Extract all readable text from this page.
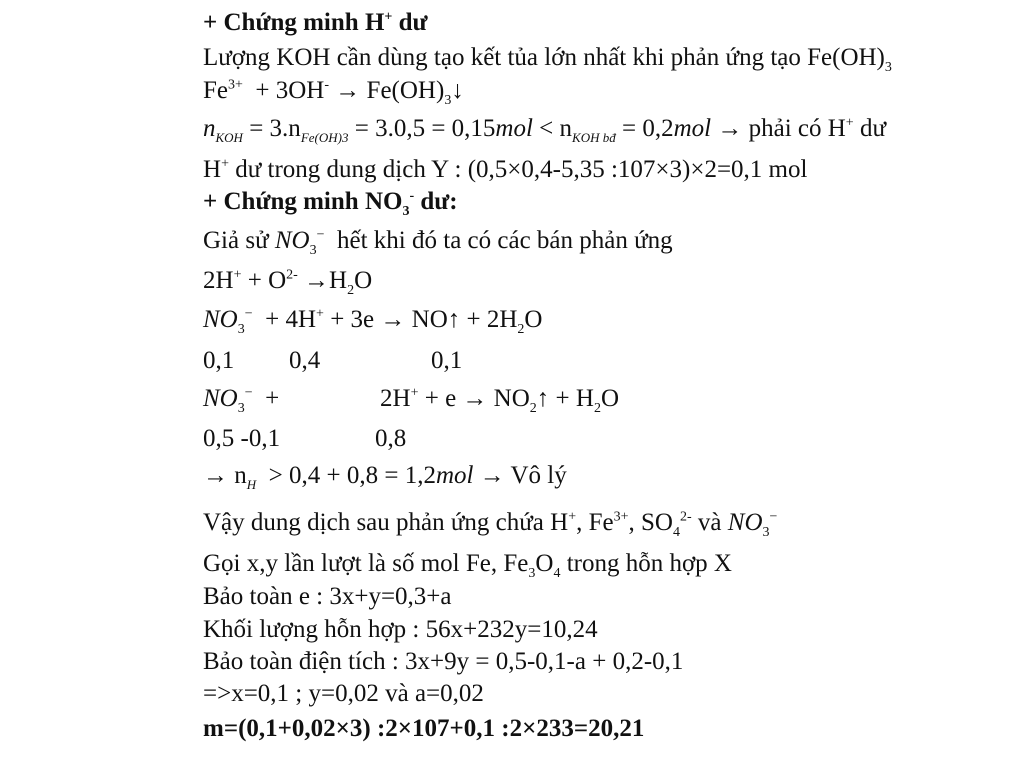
+ Chứng minh H+ dư
Lượng KOH cần dùng tạo kết tủa lớn nhất khi phản ứng tạo $Fe(OH)_3$
$Fe^{3+} + 3OH^-$ → $Fe(OH)_3↓$
$n_{KOH} = 3.n_{Fe(OH)3} = 3.0,5 = 0,15mol < n_{KOH bđ} = 0,2mol$ → phải có H+ dư
H+ dư trong dung dịch Y : (0,5×0,4-5,35 :107×3)×2=0,1 mol
+ Chứng minh $NO_3^-$ dư:
Giả sử $NO_3^-$  hết khi đó ta có các bán phản ứng
$2H^+ + O^{2-} \to H_2O$
$NO_3^- + 4H^+ + 3e$ → NO↑ + $2H_2O$
0,1 0,4	0,1
$NO_3^-$  +	$2H^+ + e \to NO_2↑ + H_2O$
0,5 -0,1	0,8
→ $n_H > 0,4 + 0,8 = 1,2mol$ → Vô lý
Vậy dung dịch sau phản ứng chứa H+, $Fe^{3+}$, $SO_4^{2-}$ và $NO_3^-$
Gọi x,y lần lượt là số mol Fe, $Fe_3O_4$ trong hỗn hợp X
Bảo toàn e : 3x+y=0,3+a
Khối lượng hỗn hợp : 56x+232y=10,24
Bảo toàn điện tích : 3x+9y = 0,5-0,1-a + 0,2-0,1
=>x=0,1 ; y=0,02 và a=0,02
m=(0,1+0,02×3) :2×107+0,1 :2×233=20,21
